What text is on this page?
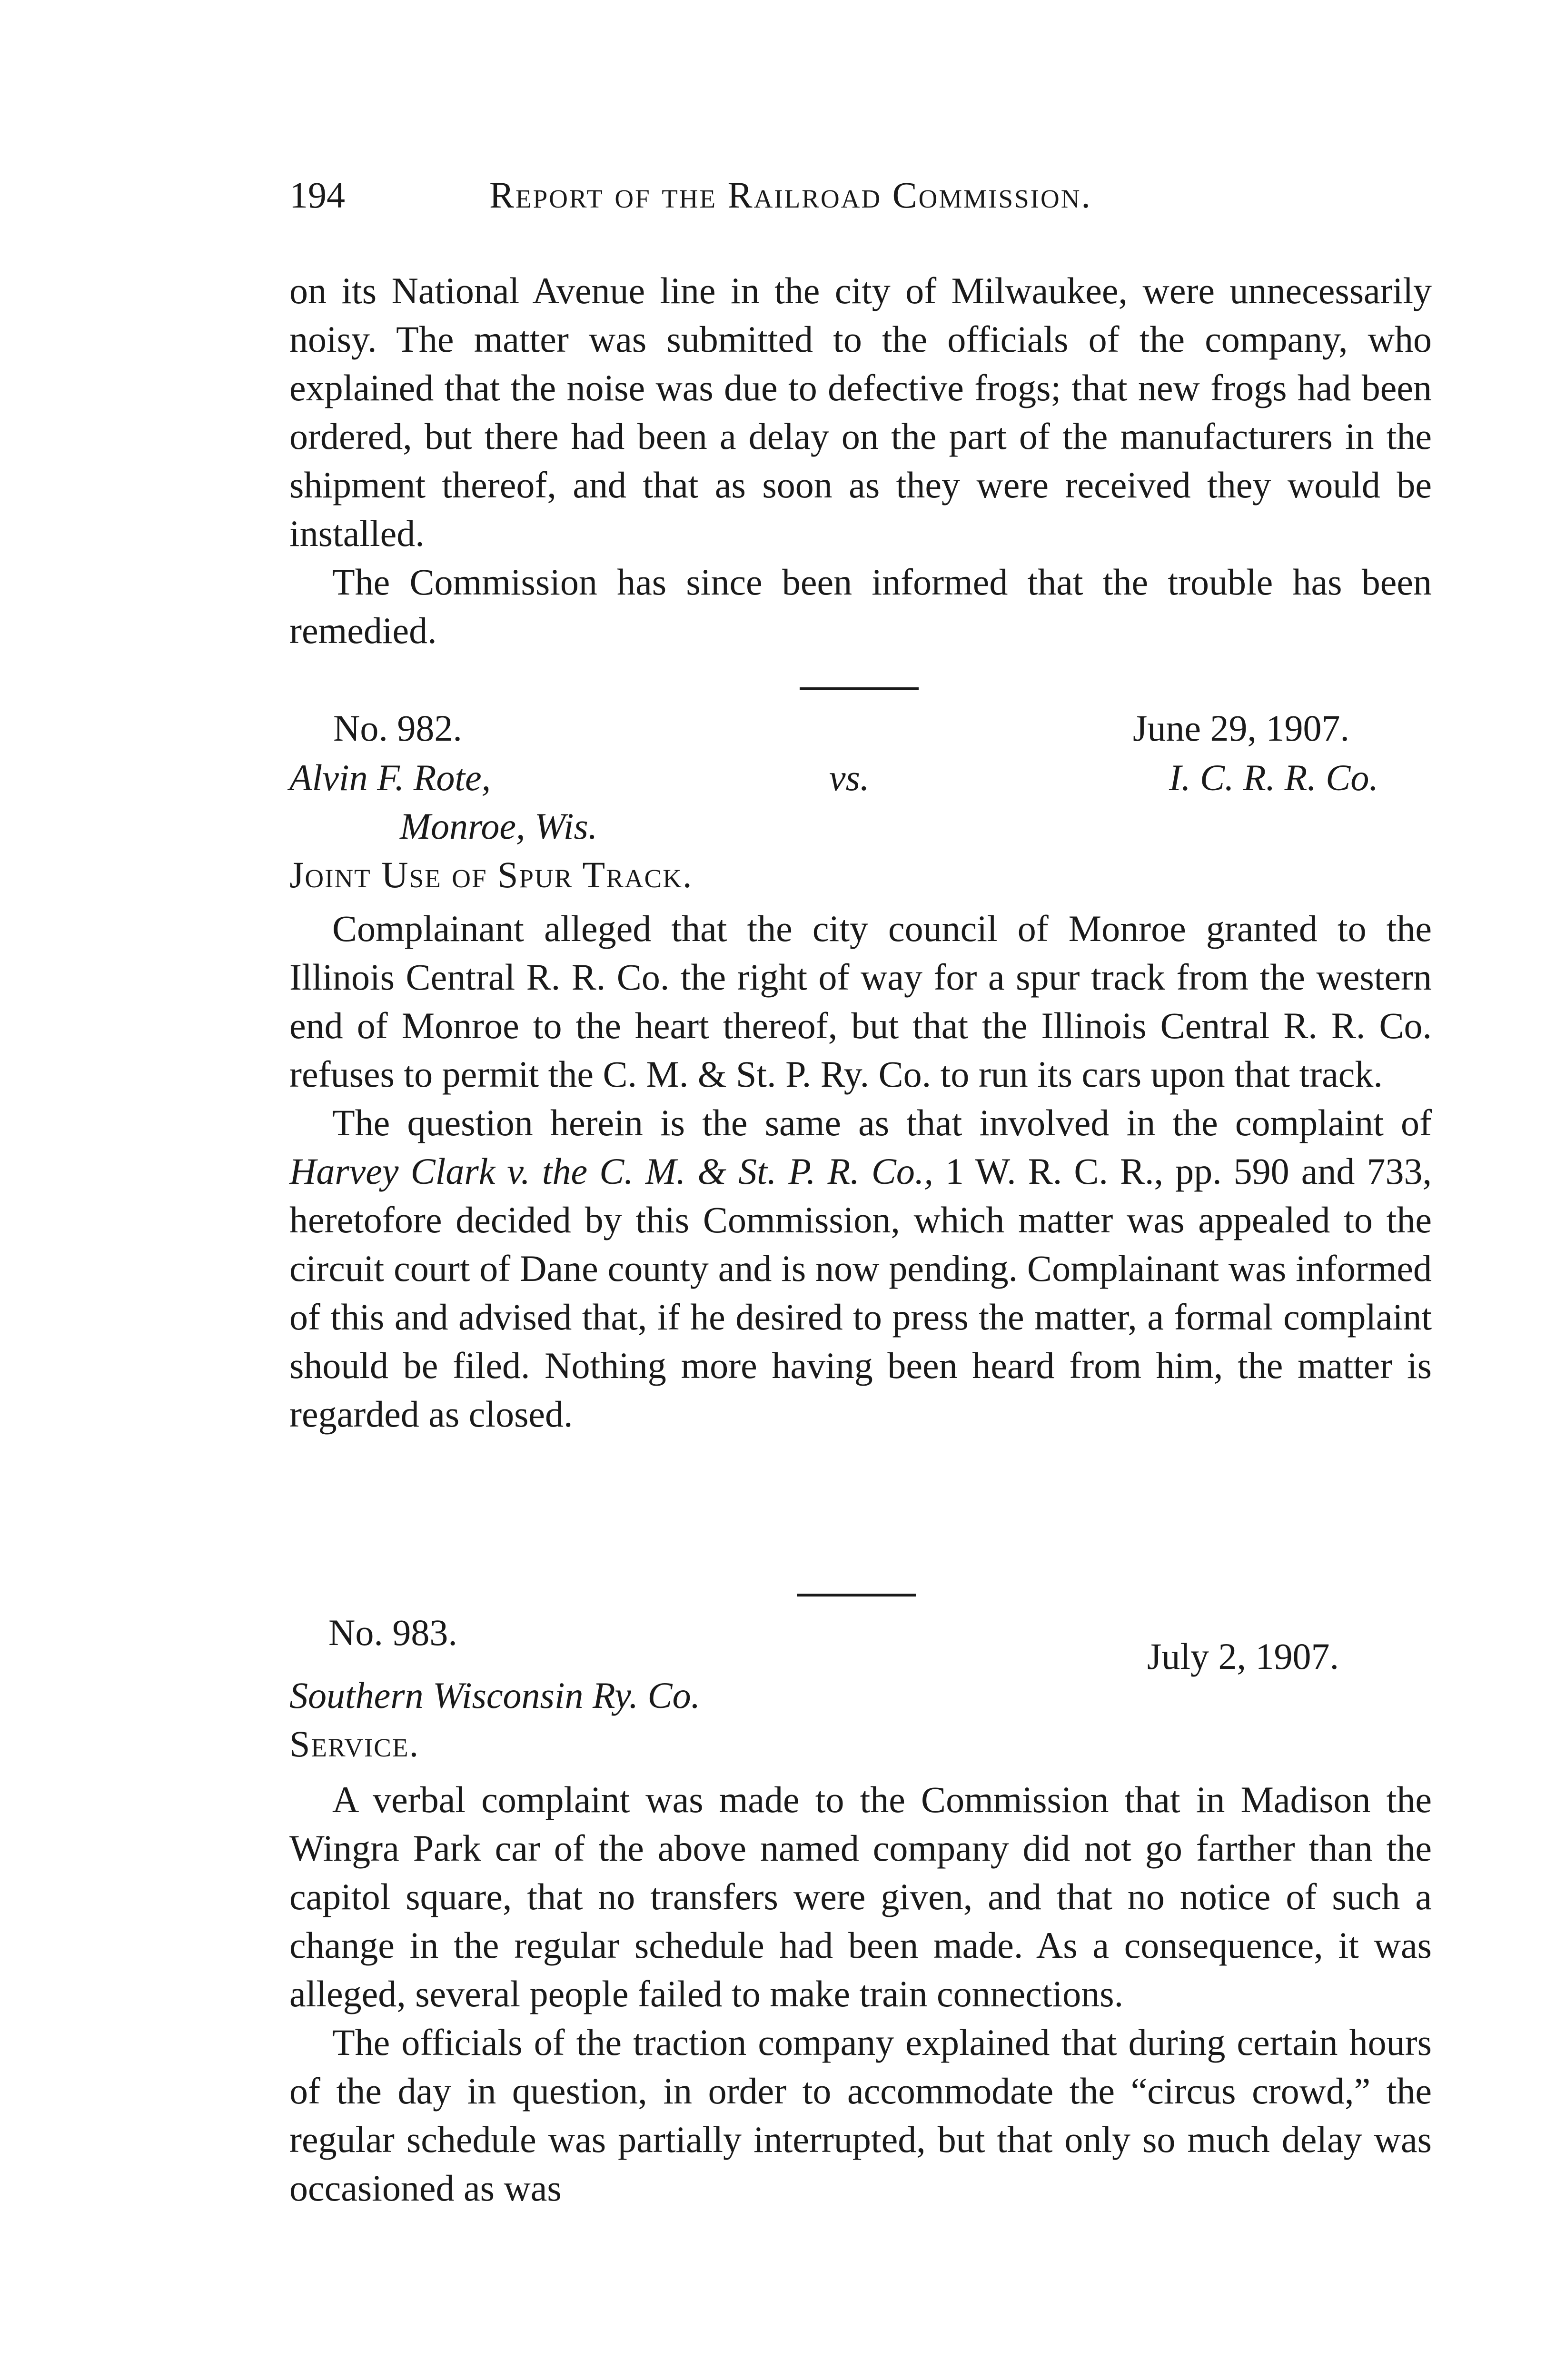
194	Report of the Railroad Commission.

on its National Avenue line in the city of Milwaukee, were unnecessarily noisy. The matter was submitted to the officials of the company, who explained that the noise was due to defective frogs; that new frogs had been ordered, but there had been a delay on the part of the manufacturers in the shipment thereof, and that as soon as they were received they would be installed.

The Commission has since been informed that the trouble has been remedied.

No. 982.	June 29, 1907.
Alvin F. Rote,	vs.	I. C. R. R. Co.
Monroe, Wis.
Joint Use of Spur Track.

Complainant alleged that the city council of Monroe granted to the Illinois Central R. R. Co. the right of way for a spur track from the western end of Monroe to the heart thereof, but that the Illinois Central R. R. Co. refuses to permit the C. M. & St. P. Ry. Co. to run its cars upon that track.

The question herein is the same as that involved in the complaint of Harvey Clark v. the C. M. & St. P. R. Co., 1 W. R. C. R., pp. 590 and 733, heretofore decided by this Commission, which matter was appealed to the circuit court of Dane county and is now pending. Complainant was informed of this and advised that, if he desired to press the matter, a formal complaint should be filed. Nothing more having been heard from him, the matter is regarded as closed.

No. 983.
July 2, 1907.
Southern Wisconsin Ry. Co.
Service.

A verbal complaint was made to the Commission that in Madison the Wingra Park car of the above named company did not go farther than the capitol square, that no transfers were given, and that no notice of such a change in the regular schedule had been made. As a consequence, it was alleged, several people failed to make train connections.

The officials of the traction company explained that during certain hours of the day in question, in order to accommodate the “circus crowd,” the regular schedule was partially interrupted, but that only so much delay was occasioned as was
